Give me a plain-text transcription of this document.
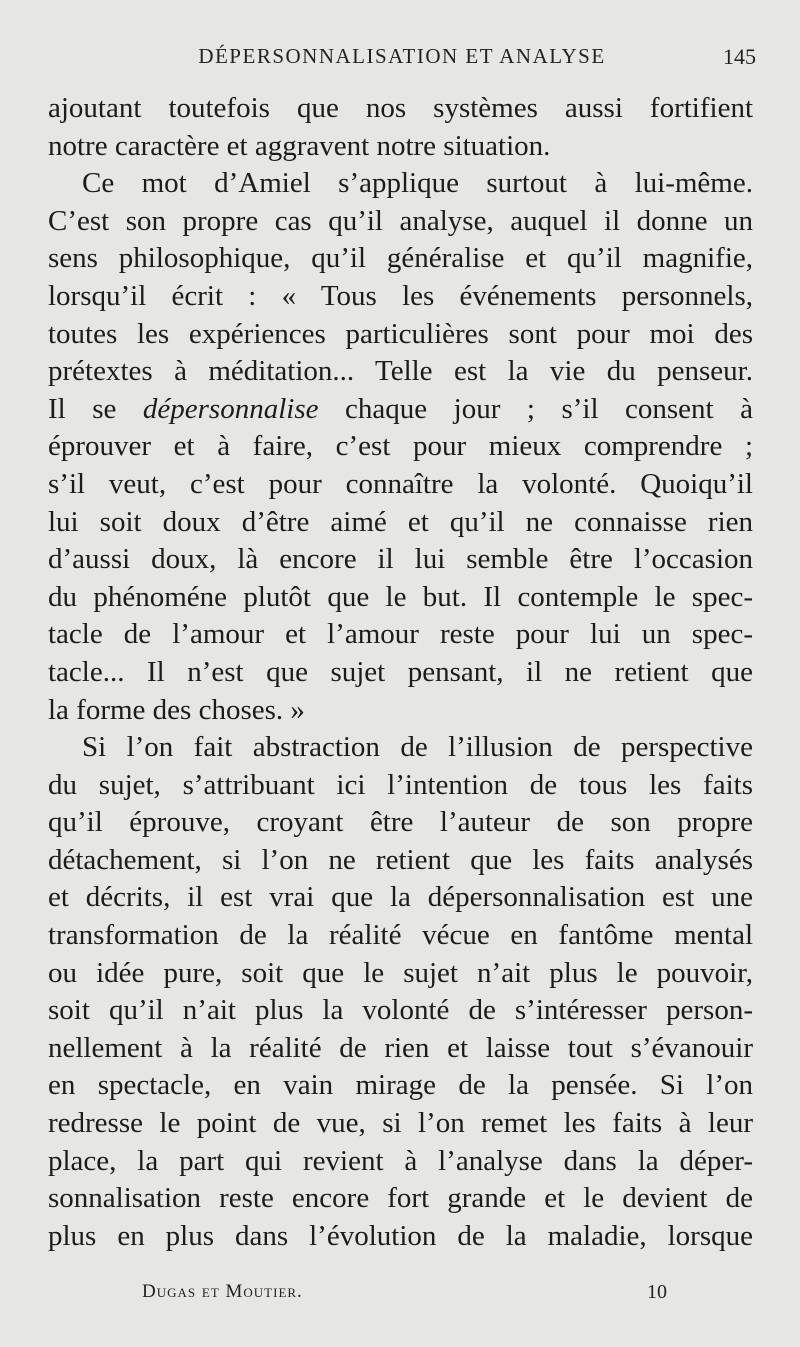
DÉPERSONNALISATION ET ANALYSE	145
ajoutant toutefois que nos systèmes aussi fortifient
notre caractère et aggravent notre situation.
Ce mot d’Amiel s’applique surtout à lui-même.
C’est son propre cas qu’il analyse, auquel il donne un
sens philosophique, qu’il généralise et qu’il magnifie,
lorsqu’il écrit : « Tous les événements personnels,
toutes les expériences particulières sont pour moi des
prétextes à méditation... Telle est la vie du penseur.
Il se dépersonnalise chaque jour ; s’il consent à
éprouver et à faire, c’est pour mieux comprendre ;
s’il veut, c’est pour connaître la volonté. Quoiqu’il
lui soit doux d’être aimé et qu’il ne connaisse rien
d’aussi doux, là encore il lui semble être l’occasion
du phénoméne plutôt que le but. Il contemple le spec-
tacle de l’amour et l’amour reste pour lui un spec-
tacle... Il n’est que sujet pensant, il ne retient que
la forme des choses. »
Si l’on fait abstraction de l’illusion de perspective
du sujet, s’attribuant ici l’intention de tous les faits
qu’il éprouve, croyant être l’auteur de son propre
détachement, si l’on ne retient que les faits analysés
et décrits, il est vrai que la dépersonnalisation est une
transformation de la réalité vécue en fantôme mental
ou idée pure, soit que le sujet n’ait plus le pouvoir,
soit qu’il n’ait plus la volonté de s’intéresser person-
nellement à la réalité de rien et laisse tout s’évanouir
en spectacle, en vain mirage de la pensée. Si l’on
redresse le point de vue, si l’on remet les faits à leur
place, la part qui revient à l’analyse dans la déper-
sonnalisation reste encore fort grande et le devient de
plus en plus dans l’évolution de la maladie, lorsque
Dugas et Moutier.	10
